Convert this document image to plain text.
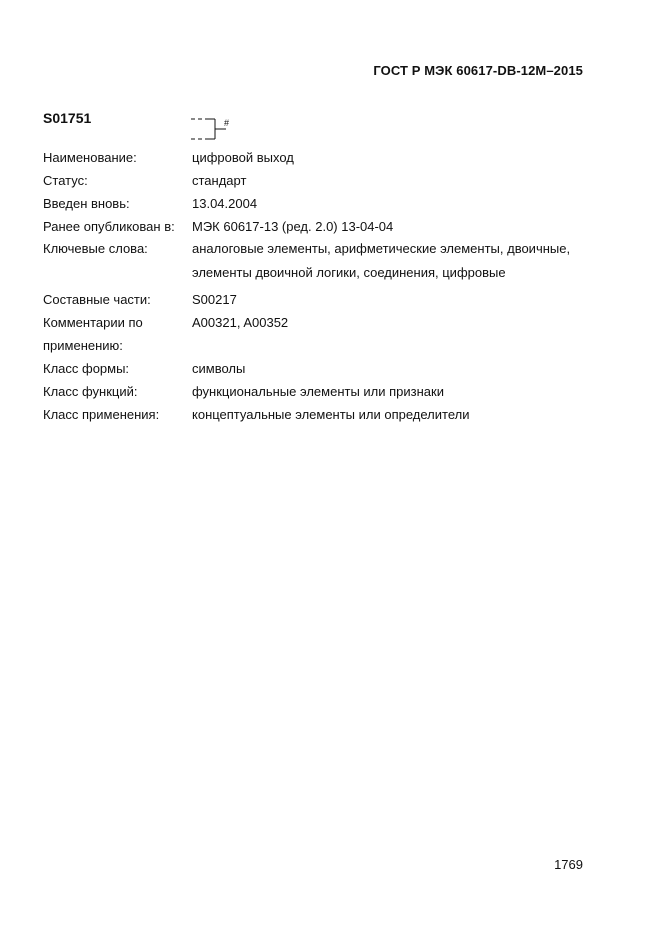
ГОСТ Р МЭК 60617-DB-12M–2015
S01751	#
Наименование:	цифровой выход
Статус:	стандарт
Введен вновь:	13.04.2004
Ранее опубликован в: МЭК 60617-13 (ред. 2.0) 13-04-04
Ключевые слова:	аналоговые элементы, арифметические элементы, двоичные,
элементы двоичной логики, соединения, цифровые
Составные части:	S00217
Комментарии по	A00321, A00352
применению:
Класс формы:	символы
Класс функций:	функциональные элементы или признаки
Класс применения:	концептуальные элементы или определители
1769
